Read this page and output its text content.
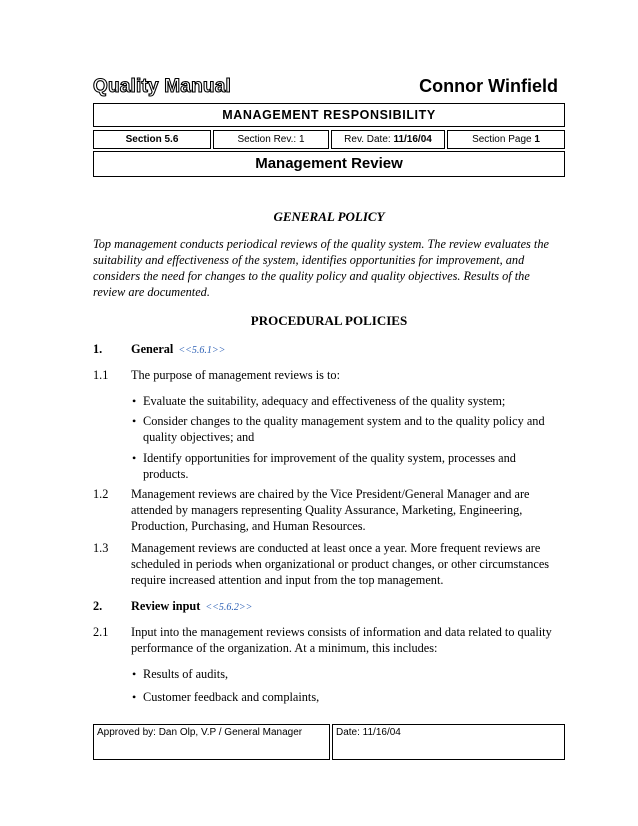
Quality Manual	Connor Winfield
MANAGEMENT RESPONSIBILITY
Section 5.6	Section Rev.: 1	Rev. Date: 11/16/04	Section Page 1
Management Review
GENERAL POLICY
Top management conducts periodical reviews of the quality system. The review evaluates the
suitability and effectiveness of the system, identifies opportunities for improvement, and
considers the need for changes to the quality policy and quality objectives. Results of the
review are documented.
PROCEDURAL POLICIES
1. General <<5.6.1>>
1.1 The purpose of management reviews is to:
• Evaluate the suitability, adequacy and effectiveness of the quality system;
• Consider changes to the quality management system and to the quality policy and
quality objectives; and
• Identify opportunities for improvement of the quality system, processes and
products.
1.2 Management reviews are chaired by the Vice President/General Manager and are
attended by managers representing Quality Assurance, Marketing, Engineering,
Production, Purchasing, and Human Resources.
1.3 Management reviews are conducted at least once a year. More frequent reviews are
scheduled in periods when organizational or product changes, or other circumstances
require increased attention and input from the top management.
2. Review input <<5.6.2>>
2.1 Input into the management reviews consists of information and data related to quality
performance of the organization. At a minimum, this includes:
• Results of audits,
• Customer feedback and complaints,
Approved by: Dan Olp, V.P / General Manager	Date: 11/16/04
